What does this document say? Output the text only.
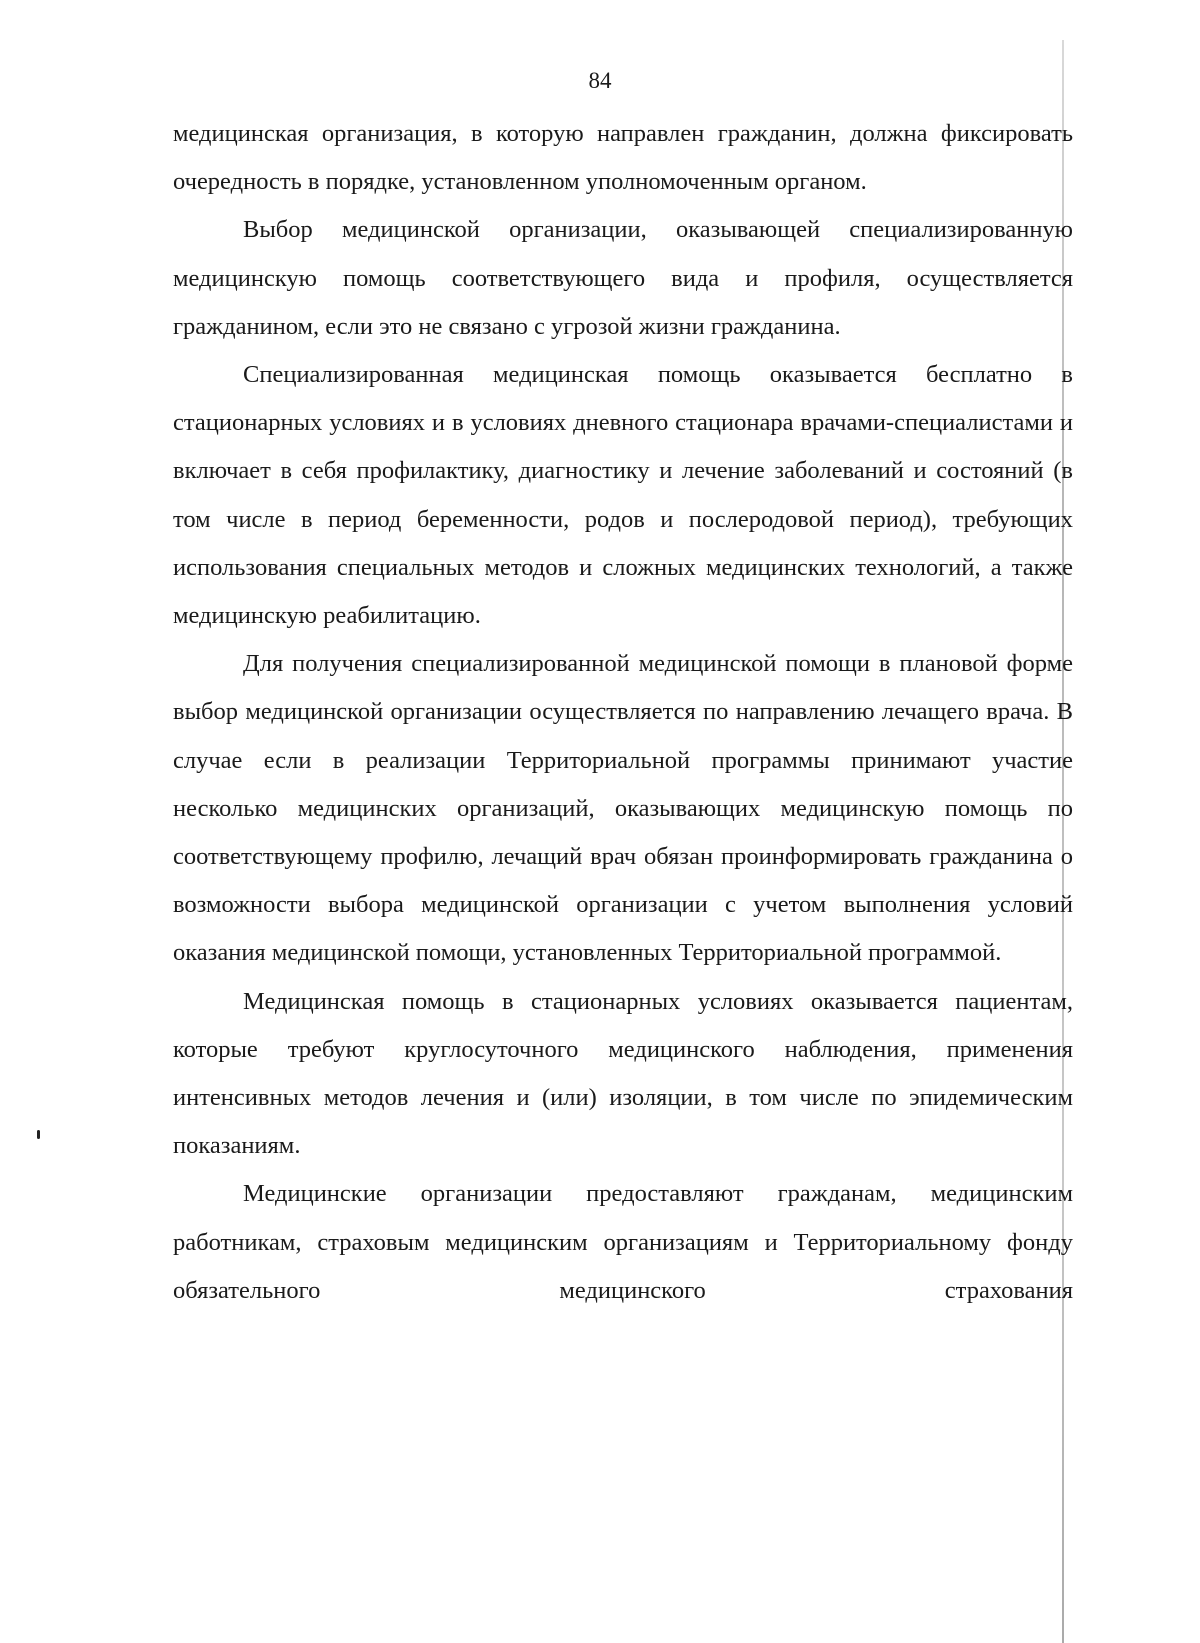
84

медицинская организация, в которую направлен гражданин, должна фиксировать очередность в порядке, установленном уполномоченным органом.

Выбор медицинской организации, оказывающей специализированную медицинскую помощь соответствующего вида и профиля, осуществляется гражданином, если это не связано с угрозой жизни гражданина.

Специализированная медицинская помощь оказывается бесплатно в стационарных условиях и в условиях дневного стационара врачами-специалистами и включает в себя профилактику, диагностику и лечение заболеваний и состояний (в том числе в период беременности, родов и послеродовой период), требующих использования специальных методов и сложных медицинских технологий, а также медицинскую реабилитацию.

Для получения специализированной медицинской помощи в плановой форме выбор медицинской организации осуществляется по направлению лечащего врача. В случае если в реализации Территориальной программы принимают участие несколько медицинских организаций, оказывающих медицинскую помощь по соответствующему профилю, лечащий врач обязан проинформировать гражданина о возможности выбора медицинской организации с учетом выполнения условий оказания медицинской помощи, установленных Территориальной программой.

Медицинская помощь в стационарных условиях оказывается пациентам, которые требуют круглосуточного медицинского наблюдения, применения интенсивных методов лечения и (или) изоляции, в том числе по эпидемическим показаниям.

Медицинские организации предоставляют гражданам, медицинским работникам, страховым медицинским организациям и Территориальному фонду обязательного медицинского страхования
